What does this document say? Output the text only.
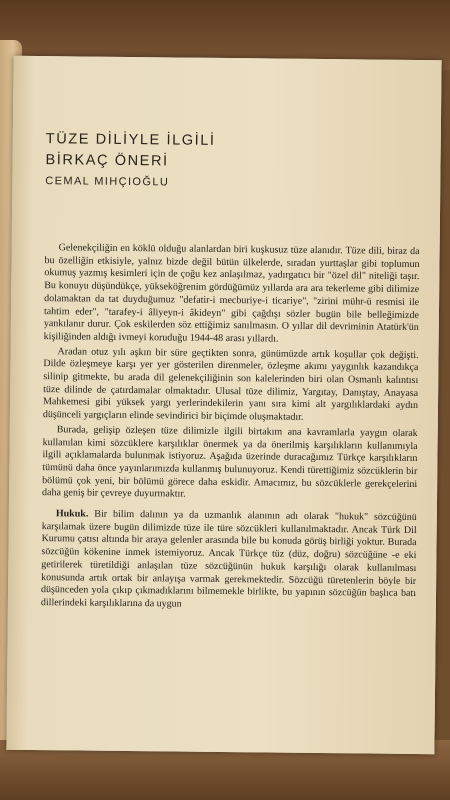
TÜZE DİLİYLE İLGİLİ
BİRKAÇ ÖNERİ
CEMAL MIHÇIOĞLU

Gelenekçiliğin en köklü olduğu alanlardan biri kuşkusuz tüze alanıdır. Tüze dili, biraz da bu özelliğin etkisiyle, yalnız bizde değil bütün ülkelerde, sıradan yurttaşlar gibi toplumun okumuş yazmış kesimleri için de çoğu kez anlaşılmaz, yadırgatıcı bir "özel dil" niteliği taşır. Bu konuyu düşündükçe, yükseköğrenim gördüğümüz yıllarda ara ara tekerleme gibi dilimize dolamaktan da tat duyduğumuz "defatir-i mecburiye-i ticariye", "zirini mühr-ü resmisi ile tahtim eder", "tarafey-i âliyeyn-i âkideyn" gibi çağdışı sözler bugün bile belleğimizde yankılanır durur. Çok eskilerden söz ettiğimiz sanılmasın. O yıllar dil devriminin Atatürk'ün kişiliğinden aldığı ivmeyi koruduğu 1944-48 arası yıllardı.

Aradan otuz yılı aşkın bir süre geçtikten sonra, günümüzde artık koşullar çok değişti. Dilde özleşmeye karşı yer yer gösterilen direnmeler, özleşme akımı yaygınlık kazandıkça silinip gitmekte, bu arada dil gelenekçiliğinin son kalelerinden biri olan Osmanlı kalıntısı tüze dilinde de çatırdamalar olmaktadır. Ulusal tüze dilimiz, Yargıtay, Danıştay, Anayasa Mahkemesi gibi yüksek yargı yerlerindekilerin yanı sıra kimi alt yargılıklardaki aydın düşünceli yargıçların elinde sevindirici bir biçimde oluşmaktadır.

Burada, gelişip özleşen tüze dilimizle ilgili birtakım ana kavramlarla yaygın olarak kullanılan kimi sözcüklere karşılıklar önermek ya da önerilmiş karşılıkların kullanımıyla ilgili açıklamalarda bulunmak istiyoruz. Aşağıda üzerinde duracağımız Türkçe karşılıkların tümünü daha önce yayınlarımızda kullanmış bulunuyoruz. Kendi türettiğimiz sözcüklerin bir bölümü çok yeni, bir bölümü görece daha eskidir. Amacımız, bu sözcüklerle gerekçelerini daha geniş bir çevreye duyurmaktır.

Hukuk. Bir bilim dalının ya da uzmanlık alanının adı olarak "hukuk" sözcüğünü karşılamak üzere bugün dilimizde tüze ile türe sözcükleri kullanılmaktadır. Ancak Türk Dil Kurumu çatısı altında bir araya gelenler arasında bile bu konuda görüş birliği yoktur. Burada sözcüğün kökenine inmek istemiyoruz. Ancak Türkçe tüz (düz, doğru) sözcüğüne -e eki getirilerek türetildiği anlaşılan tüze sözcüğünün hukuk karşılığı olarak kullanılması konusunda artık ortak bir anlayışa varmak gerekmektedir. Sözcüğü türetenlerin böyle bir düşünceden yola çıkıp çıkmadıklarını bilmemekle birlikte, bu yapının sözcüğün başlıca batı dillerindeki karşılıklarına da uygun
